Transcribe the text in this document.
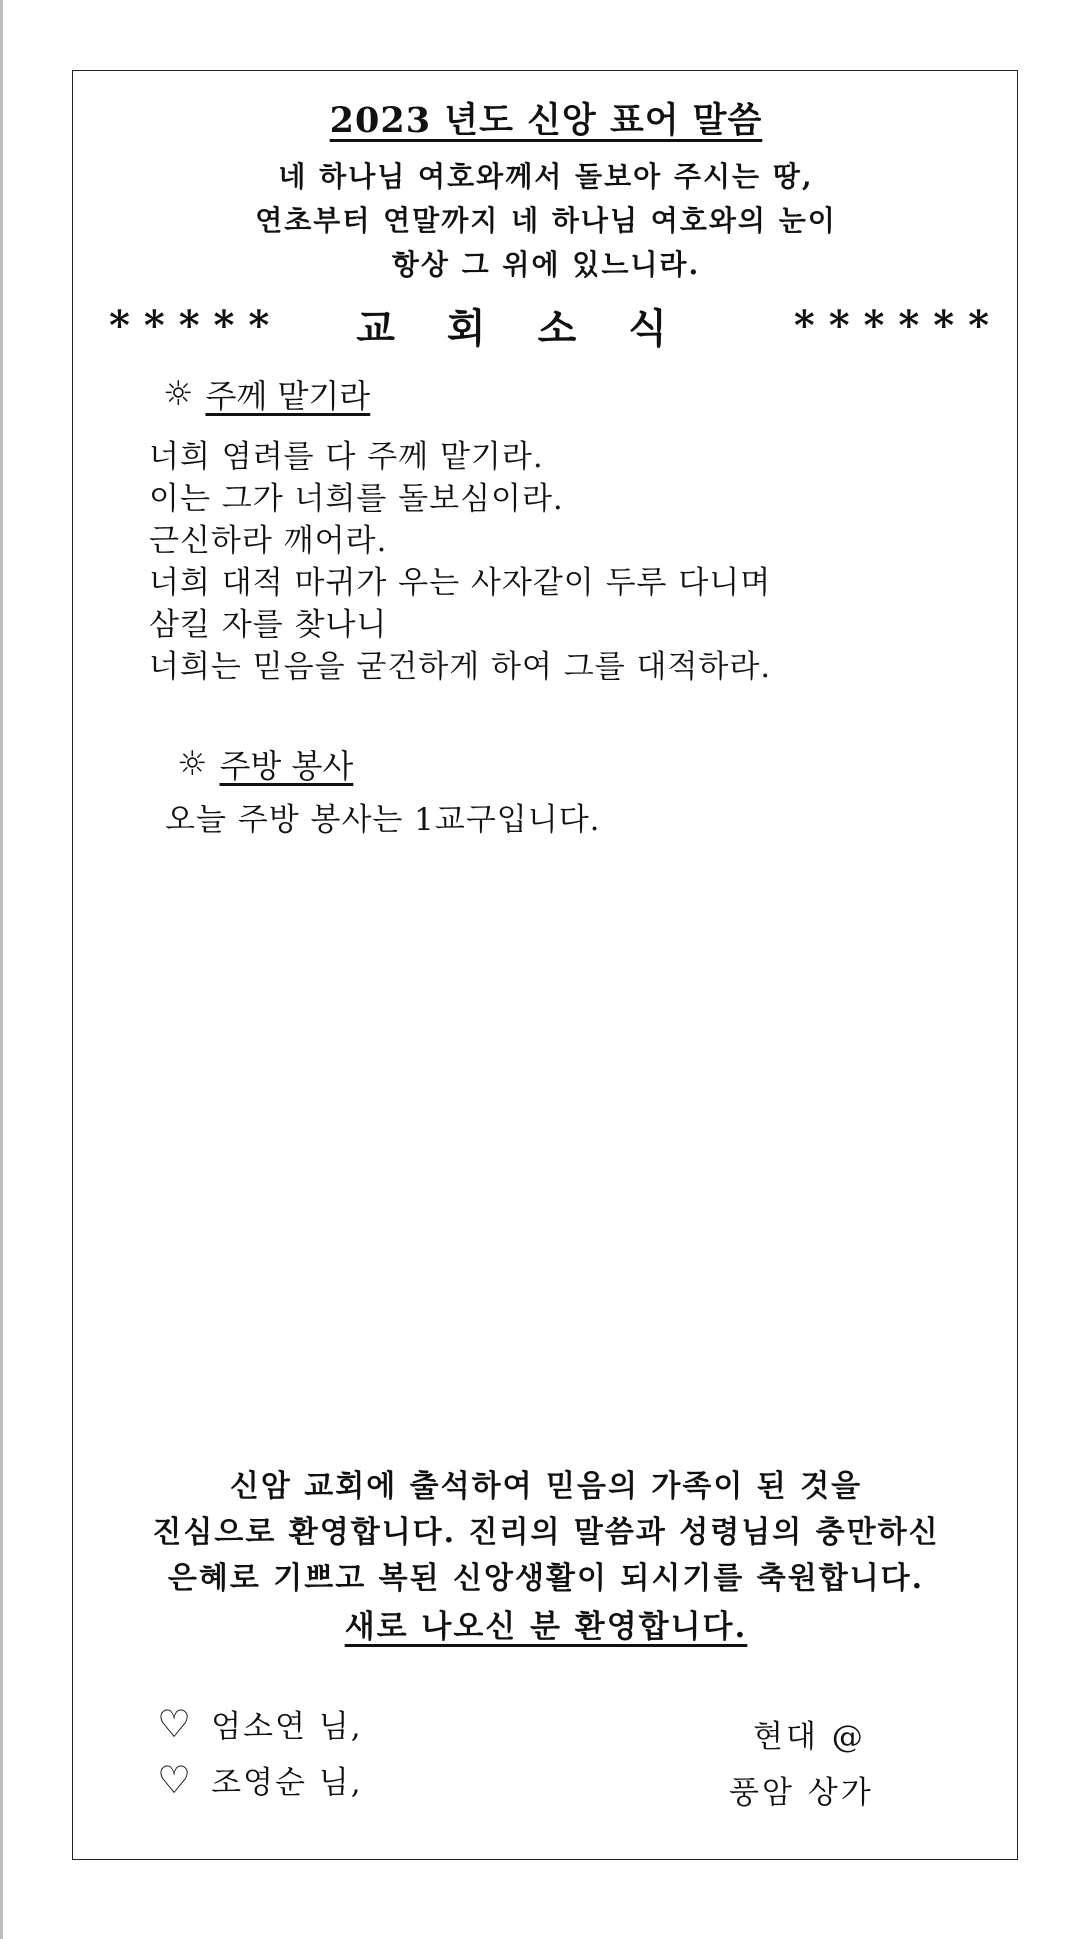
2023 년도 신앙 표어 말씀
네 하나님 여호와께서 돌보아 주시는 땅,
연초부터 연말까지 네 하나님 여호와의 눈이
항상 그 위에 있느니라.
* * * * *	교회소식 * * * * * *
☼ 주께 맡기라
너희 염려를 다 주께 맡기라.
이는 그가 너희를 돌보심이라.
근신하라 깨어라.
너희 대적 마귀가 우는 사자같이 두루 다니며
삼킬 자를 찾나니
너희는 믿음을 굳건하게 하여 그를 대적하라.
☼ 주방 봉사
오늘 주방 봉사는 1교구입니다.
신암 교회에 출석하여 믿음의 가족이 된 것을
진심으로 환영합니다. 진리의 말씀과 성령님의 충만하신
은혜로 기쁘고 복된 신앙생활이 되시기를 축원합니다.
새로 나오신 분 환영합니다.
♡ 엄소연 님,	현대 @
♡ 조영순 님,	풍암 상가
